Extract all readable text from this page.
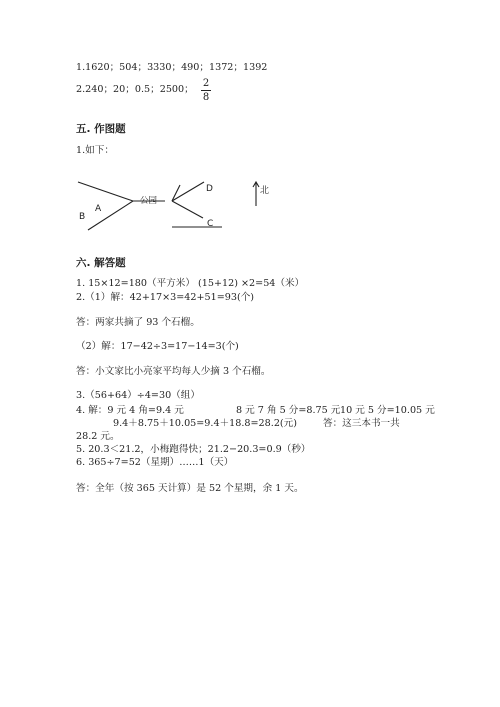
1.1620；504；3330；490；1372；1392
2.240；20；0.5；2500；
2
8
五. 作图题
1.如下：
A
B
C
D
公园
北
六. 解答题
1. 15×12=180（平方米） (15+12) ×2=54（米）
2.（1）解：42+17×3=42+51=93(个)
答：两家共摘了 93 个石榴。
（2）解：17−42÷3=17−14=3(个)
答：小文家比小亮家平均每人少摘 3 个石榴。
3.（56+64）÷4=30（组）
4. 解：9 元 4 角=9.4 元	8 元 7 角 5 分=8.75 元 10 元 5 分=10.05 元
9.4＋8.75＋10.05=9.4＋18.8=28.2(元)	答：这三本书一共
28.2 元。
5. 20.3＜21.2，小梅跑得快；21.2−20.3=0.9（秒）
6. 365÷7=52（星期）……1（天）
答：全年（按 365 天计算）是 52 个星期，余 1 天。
